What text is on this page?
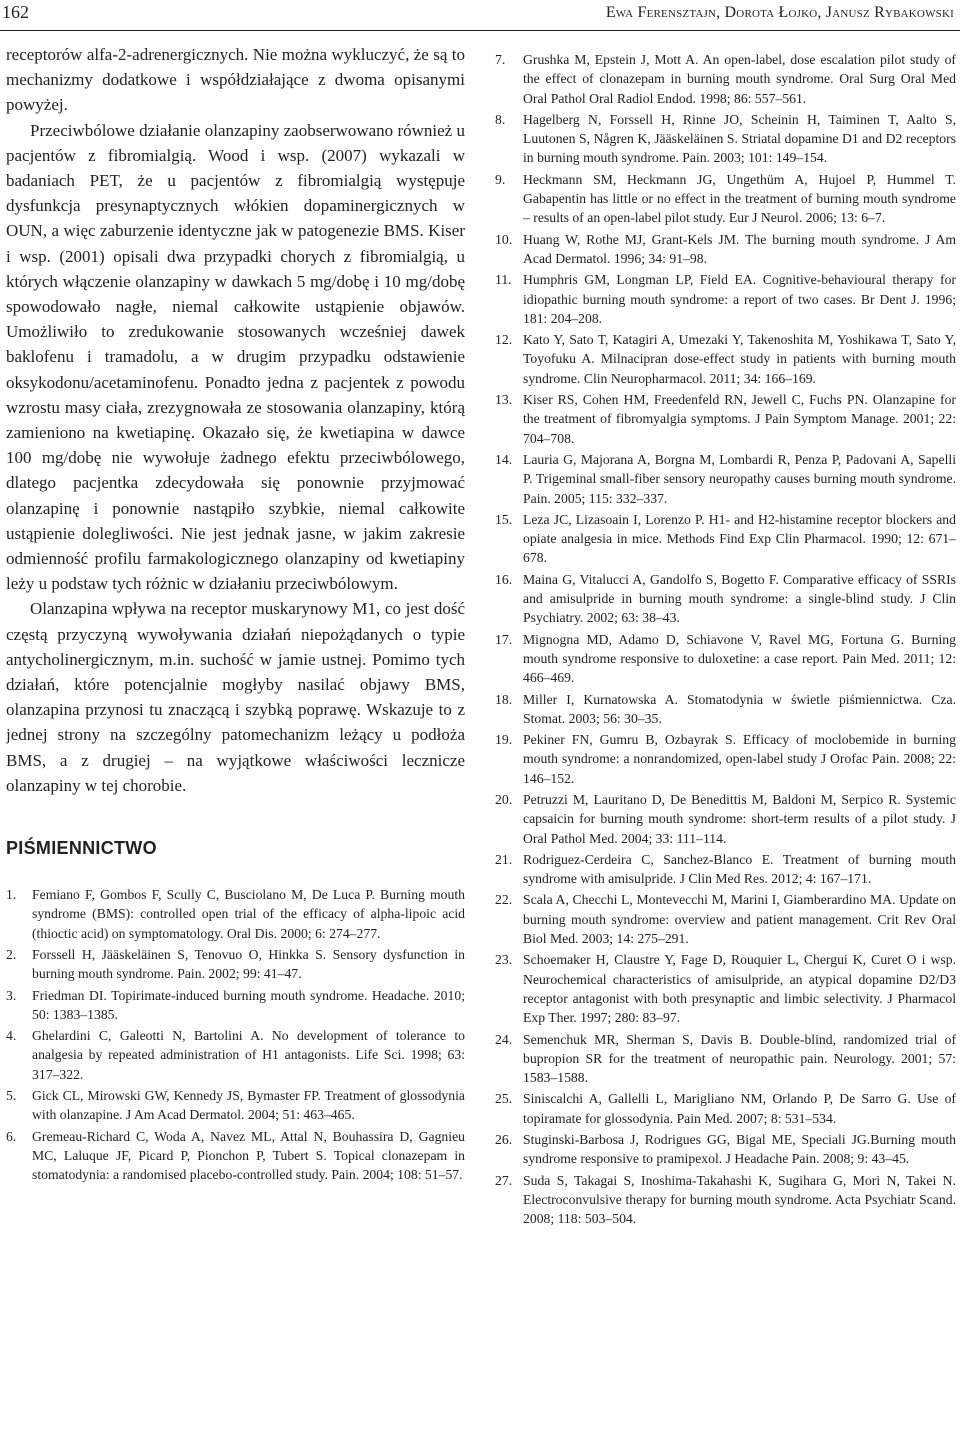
162	Ewa Ferensztajn, Dorota Łojko, Janusz Rybakowski

receptorów alfa-2-adrenergicznych. Nie można wykluczyć, że są to mechanizmy dodatkowe i współdziałające z dwoma opisanymi powyżej.

Przeciwbólowe działanie olanzapiny zaobserwowano również u pacjentów z fibromialgią. Wood i wsp. (2007) wykazali w badaniach PET, że u pacjentów z fibromialgią występuje dysfunkcja presynaptycznych włókien dopaminergicznych w OUN, a więc zaburzenie identyczne jak w patogenezie BMS. Kiser i wsp. (2001) opisali dwa przypadki chorych z fibromialgią, u których włączenie olanzapiny w dawkach 5 mg/dobę i 10 mg/dobę spowodowało nagłe, niemal całkowite ustąpienie objawów. Umożliwiło to zredukowanie stosowanych wcześniej dawek baklofenu i tramadolu, a w drugim przypadku odstawienie oksykodonu/acetaminofenu. Ponadto jedna z pacjentek z powodu wzrostu masy ciała, zrezygnowała ze stosowania olanzapiny, którą zamieniono na kwetiapinę. Okazało się, że kwetiapina w dawce 100 mg/dobę nie wywołuje żadnego efektu przeciwbólowego, dlatego pacjentka zdecydowała się ponownie przyjmować olanzapinę i ponownie nastąpiło szybkie, niemal całkowite ustąpienie dolegliwości. Nie jest jednak jasne, w jakim zakresie odmienność profilu farmakologicznego olanzapiny od kwetiapiny leży u podstaw tych różnic w działaniu przeciwbólowym.

Olanzapina wpływa na receptor muskarynowy M1, co jest dość częstą przyczyną wywoływania działań niepożądanych o typie antycholinergicznym, m.in. suchość w jamie ustnej. Pomimo tych działań, które potencjalnie mogłyby nasilać objawy BMS, olanzapina przynosi tu znaczącą i szybką poprawę. Wskazuje to z jednej strony na szczególny patomechanizm leżący u podłoża BMS, a z drugiej – na wyjątkowe właściwości lecznicze olanzapiny w tej chorobie.

PIŚMIENNICTWO
1.	Femiano F, Gombos F, Scully C, Busciolano M, De Luca P. Burning mouth syndrome (BMS): controlled open trial of the efficacy of alpha-lipoic acid (thioctic acid) on symptomatology. Oral Dis. 2000; 6: 274–277.
2.	Forssell H, Jääskeläinen S, Tenovuo O, Hinkka S. Sensory dysfunction in burning mouth syndrome. Pain. 2002; 99: 41–47.
3.	Friedman DI. Topirimate-induced burning mouth syndrome. Headache. 2010; 50: 1383–1385.
4.	Ghelardini C, Galeotti N, Bartolini A. No development of tolerance to analgesia by repeated administration of H1 antagonists. Life Sci. 1998; 63: 317–322.
5.	Gick CL, Mirowski GW, Kennedy JS, Bymaster FP. Treatment of glossodynia with olanzapine. J Am Acad Dermatol. 2004; 51: 463–465.
6.	Gremeau-Richard C, Woda A, Navez ML, Attal N, Bouhassira D, Gagnieu MC, Laluque JF, Picard P, Pionchon P, Tubert S. Topical clonazepam in stomatodynia: a randomised placebo-controlled study. Pain. 2004; 108: 51–57.
7.	Grushka M, Epstein J, Mott A. An open-label, dose escalation pilot study of the effect of clonazepam in burning mouth syndrome. Oral Surg Oral Med Oral Pathol Oral Radiol Endod. 1998; 86: 557–561.
8.	Hagelberg N, Forssell H, Rinne JO, Scheinin H, Taiminen T, Aalto S, Luutonen S, Någren K, Jääskeläinen S. Striatal dopamine D1 and D2 receptors in burning mouth syndrome. Pain. 2003; 101: 149–154.
9.	Heckmann SM, Heckmann JG, Ungethüm A, Hujoel P, Hummel T. Gabapentin has little or no effect in the treatment of burning mouth syndrome – results of an open-label pilot study. Eur J Neurol. 2006; 13: 6–7.
10. Huang W, Rothe MJ, Grant-Kels JM. The burning mouth syndrome. J Am Acad Dermatol. 1996; 34: 91–98.
11. Humphris GM, Longman LP, Field EA. Cognitive-behavioural therapy for idiopathic burning mouth syndrome: a report of two cases. Br Dent J. 1996; 181: 204–208.
12. Kato Y, Sato T, Katagiri A, Umezaki Y, Takenoshita M, Yoshikawa T, Sato Y, Toyofuku A. Milnacipran dose-effect study in patients with burning mouth syndrome. Clin Neuropharmacol. 2011; 34: 166–169.
13. Kiser RS, Cohen HM, Freedenfeld RN, Jewell C, Fuchs PN. Olanzapine for the treatment of fibromyalgia symptoms. J Pain Symptom Manage. 2001; 22: 704–708.
14. Lauria G, Majorana A, Borgna M, Lombardi R, Penza P, Padovani A, Sapelli P. Trigeminal small-fiber sensory neuropathy causes burning mouth syndrome. Pain. 2005; 115: 332–337.
15. Leza JC, Lizasoain I, Lorenzo P. H1- and H2-histamine receptor blockers and opiate analgesia in mice. Methods Find Exp Clin Pharmacol. 1990; 12: 671–678.
16. Maina G, Vitalucci A, Gandolfo S, Bogetto F. Comparative efficacy of SSRIs and amisulpride in burning mouth syndrome: a single-blind study. J Clin Psychiatry. 2002; 63: 38–43.
17. Mignogna MD, Adamo D, Schiavone V, Ravel MG, Fortuna G. Burning mouth syndrome responsive to duloxetine: a case report. Pain Med. 2011; 12: 466–469.
18. Miller I, Kurnatowska A. Stomatodynia w świetle piśmiennictwa. Cza. Stomat. 2003; 56: 30–35.
19. Pekiner FN, Gumru B, Ozbayrak S. Efficacy of moclobemide in burning mouth syndrome: a nonrandomized, open-label study J Orofac Pain. 2008; 22: 146–152.
20. Petruzzi M, Lauritano D, De Benedittis M, Baldoni M, Serpico R. Systemic capsaicin for burning mouth syndrome: short-term results of a pilot study. J Oral Pathol Med. 2004; 33: 111–114.
21. Rodriguez-Cerdeira C, Sanchez-Blanco E. Treatment of burning mouth syndrome with amisulpride. J Clin Med Res. 2012; 4: 167–171.
22. Scala A, Checchi L, Montevecchi M, Marini I, Giamberardino MA. Update on burning mouth syndrome: overview and patient management. Crit Rev Oral Biol Med. 2003; 14: 275–291.
23. Schoemaker H, Claustre Y, Fage D, Rouquier L, Chergui K, Curet O i wsp. Neurochemical characteristics of amisulpride, an atypical dopamine D2/D3 receptor antagonist with both presynaptic and limbic selectivity. J Pharmacol Exp Ther. 1997; 280: 83–97.
24. Semenchuk MR, Sherman S, Davis B. Double-blind, randomized trial of bupropion SR for the treatment of neuropathic pain. Neurology. 2001; 57: 1583–1588.
25. Siniscalchi A, Gallelli L, Marigliano NM, Orlando P, De Sarro G. Use of topiramate for glossodynia. Pain Med. 2007; 8: 531–534.
26. Stuginski-Barbosa J, Rodrigues GG, Bigal ME, Speciali JG.Burning mouth syndrome responsive to pramipexol. J Headache Pain. 2008; 9: 43–45.
27. Suda S, Takagai S, Inoshima-Takahashi K, Sugihara G, Mori N, Takei N. Electroconvulsive therapy for burning mouth syndrome. Acta Psychiatr Scand. 2008; 118: 503–504.
